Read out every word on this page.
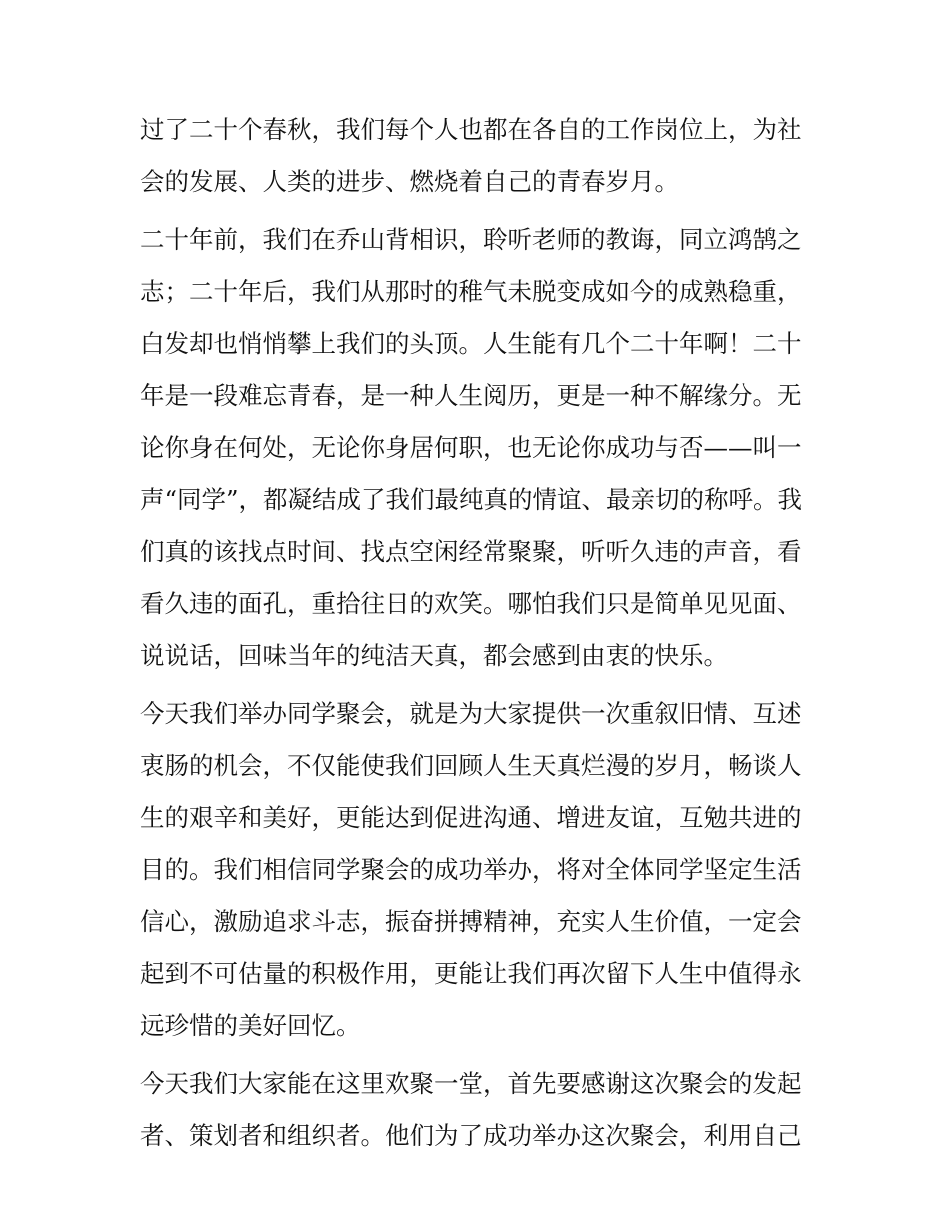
过了二十个春秋，我们每个人也都在各自的工作岗位上，为社
会的发展、人类的进步、燃烧着自己的青春岁月。
二十年前，我们在乔山背相识，聆听老师的教诲，同立鸿鹄之
志；二十年后，我们从那时的稚气未脱变成如今的成熟稳重，
白发却也悄悄攀上我们的头顶。人生能有几个二十年啊！二十
年是一段难忘青春，是一种人生阅历，更是一种不解缘分。无
论你身在何处，无论你身居何职，也无论你成功与否——叫一
声“同学”，都凝结成了我们最纯真的情谊、最亲切的称呼。我
们真的该找点时间、找点空闲经常聚聚，听听久违的声音，看
看久违的面孔，重拾往日的欢笑。哪怕我们只是简单见见面、
说说话，回味当年的纯洁天真，都会感到由衷的快乐。
今天我们举办同学聚会，就是为大家提供一次重叙旧情、互述
衷肠的机会，不仅能使我们回顾人生天真烂漫的岁月，畅谈人
生的艰辛和美好，更能达到促进沟通、增进友谊，互勉共进的
目的。我们相信同学聚会的成功举办，将对全体同学坚定生活
信心，激励追求斗志，振奋拼搏精神，充实人生价值，一定会
起到不可估量的积极作用，更能让我们再次留下人生中值得永
远珍惜的美好回忆。
今天我们大家能在这里欢聚一堂，首先要感谢这次聚会的发起
者、策划者和组织者。他们为了成功举办这次聚会，利用自己
